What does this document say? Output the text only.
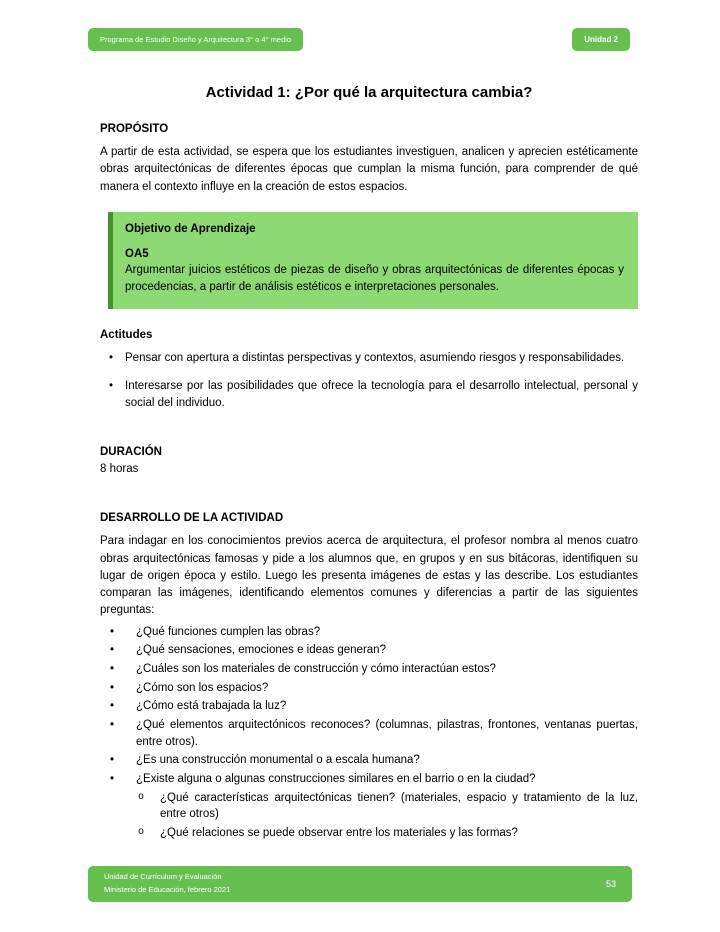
Programa de Estudio Diseño y Arquitectura 3° o 4° medio	Unidad 2
Actividad 1: ¿Por qué la arquitectura cambia?
PROPÓSITO

A partir de esta actividad, se espera que los estudiantes investiguen, analicen y aprecien estéticamente obras arquitectónicas de diferentes épocas que cumplan la misma función, para comprender de qué manera el contexto influye en la creación de estos espacios.

Objetivo de Aprendizaje
OA5

Argumentar juicios estéticos de piezas de diseño y obras arquitectónicas de diferentes épocas y procedencias, a partir de análisis estéticos e interpretaciones personales.

Actitudes
• Pensar con apertura a distintas perspectivas y contextos, asumiendo riesgos y responsabilidades.
• Interesarse por las posibilidades que ofrece la tecnología para el desarrollo intelectual, personal y social del individuo.
DURACIÓN

8 horas

DESARROLLO DE LA ACTIVIDAD

Para indagar en los conocimientos previos acerca de arquitectura, el profesor nombra al menos cuatro obras arquitectónicas famosas y pide a los alumnos que, en grupos y en sus bitácoras, identifiquen su lugar de origen época y estilo. Luego les presenta imágenes de estas y las describe. Los estudiantes comparan las imágenes, identificando elementos comunes y diferencias a partir de las siguientes preguntas:

• ¿Qué funciones cumplen las obras?
• ¿Qué sensaciones, emociones e ideas generan?
• ¿Cuáles son los materiales de construcción y cómo interactúan estos?
• ¿Cómo son los espacios?
• ¿Cómo está trabajada la luz?
• ¿Qué elementos arquitectónicos reconoces? (columnas, pilastras, frontones, ventanas puertas, entre otros).
• ¿Es una construcción monumental o a escala humana?
• ¿Existe alguna o algunas construcciones similares en el barrio o en la ciudad?
o ¿Qué características arquitectónicas tienen? (materiales, espacio y tratamiento de la luz, entre otros)
o ¿Qué relaciones se puede observar entre los materiales y las formas?
Unidad de Currículum y Evaluación
Ministerio de Educación, febrero 2021
53
